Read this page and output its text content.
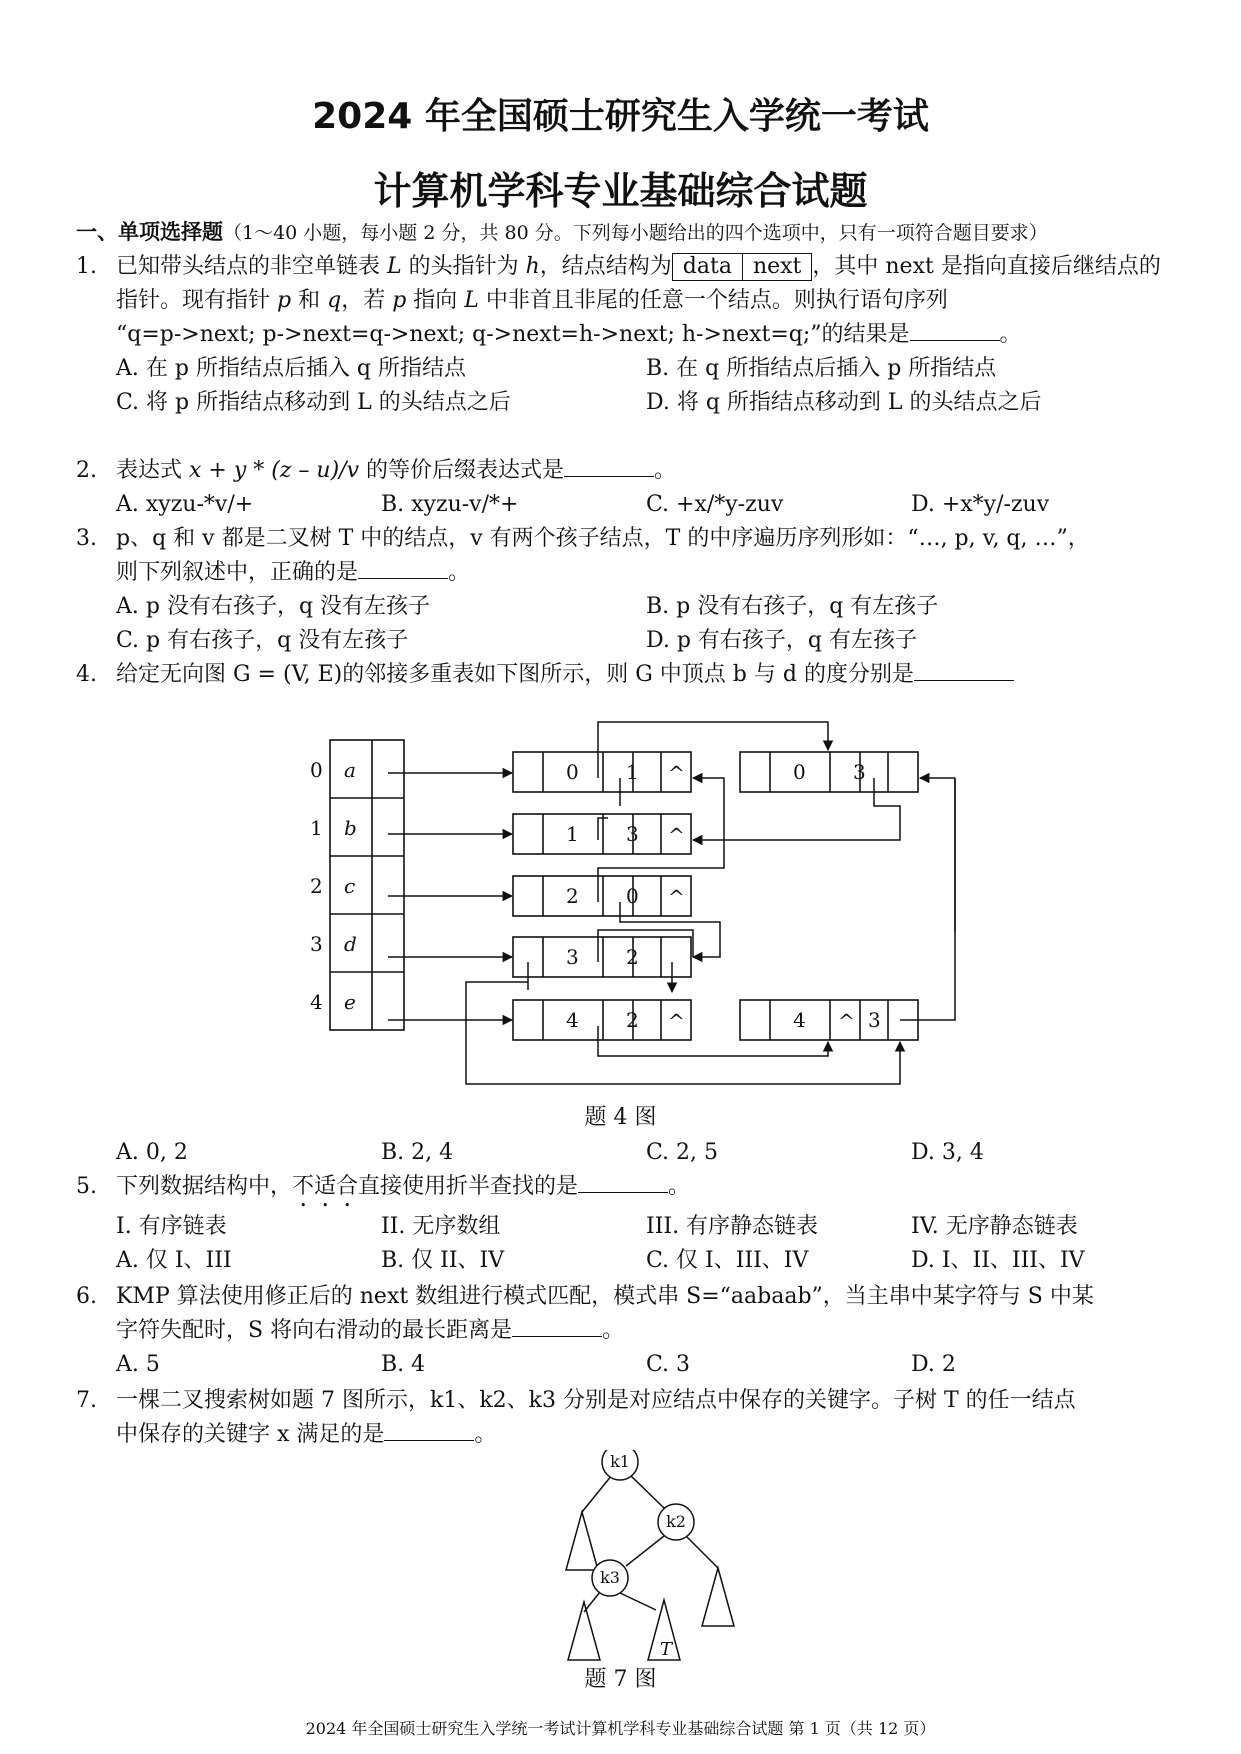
2024 年全国硕士研究生入学统一考试
计算机学科专业基础综合试题
一、单项选择题（1～40 小题，每小题 2 分，共 80 分。下列每小题给出的四个选项中，只有一项符合题目要求）
1. 已知带头结点的非空单链表 L 的头指针为 h，结点结构为 data next ，其中 next 是指向直接后继结点的指针。现有指针 p 和 q，若 p 指向 L 中非首且非尾的任意一个结点。则执行语句序列
“q=p->next; p->next=q->next; q->next=h->next; h->next=q;”的结果是	。
A. 在 p 所指结点后插入 q 所指结点	B. 在 q 所指结点后插入 p 所指结点
C. 将 p 所指结点移动到 L 的头结点之后	D. 将 q 所指结点移动到 L 的头结点之后
2. 表达式 x + y * (z – u)/v 的等价后缀表达式是	。
A. xyzu-*v/+	B. xyzu-v/*+	C. +x/*y-zuv	D. +x*y/-zuv
3. p、q 和 v 都是二叉树 T 中的结点，v 有两个孩子结点，T 的中序遍历序列形如：“…, p, v, q, …”，
则下列叙述中，正确的是	。
A. p 没有右孩子，q 没有左孩子	B. p 没有右孩子，q 有左孩子
C. p 有右孩子，q 没有左孩子	D. p 有右孩子，q 有左孩子
4. 给定无向图 G = (V, E)的邻接多重表如下图所示，则 G 中顶点 b 与 d 的度分别是
0
1
2
3
4
a
b
c
d
e
0 1 ^
1 3 ^
2 0 ^
3 2
4 2 ^
0 3
4 ^ 3
题 4 图
A. 0, 2	B. 2, 4	C. 2, 5	D. 3, 4
5. 下列数据结构中，不适合直接使用折半查找的是	。
I. 有序链表	II. 无序数组	III. 有序静态链表	IV. 无序静态链表
A. 仅 I、III	B. 仅 II、IV	C. 仅 I、III、IV	D. I、II、III、IV
6. KMP 算法使用修正后的 next 数组进行模式匹配，模式串 S=“aabaab”，当主串中某字符与 S 中某
字符失配时，S 将向右滑动的最长距离是	。
A. 5	B. 4	C. 3	D. 2
7. 一棵二叉搜索树如题 7 图所示，k1、k2、k3 分别是对应结点中保存的关键字。子树 T 的任一结点
中保存的关键字 x 满足的是	。
k1
k2
k3
T
题 7 图
2024 年全国硕士研究生入学统一考试计算机学科专业基础综合试题 第 1 页（共 12 页）
